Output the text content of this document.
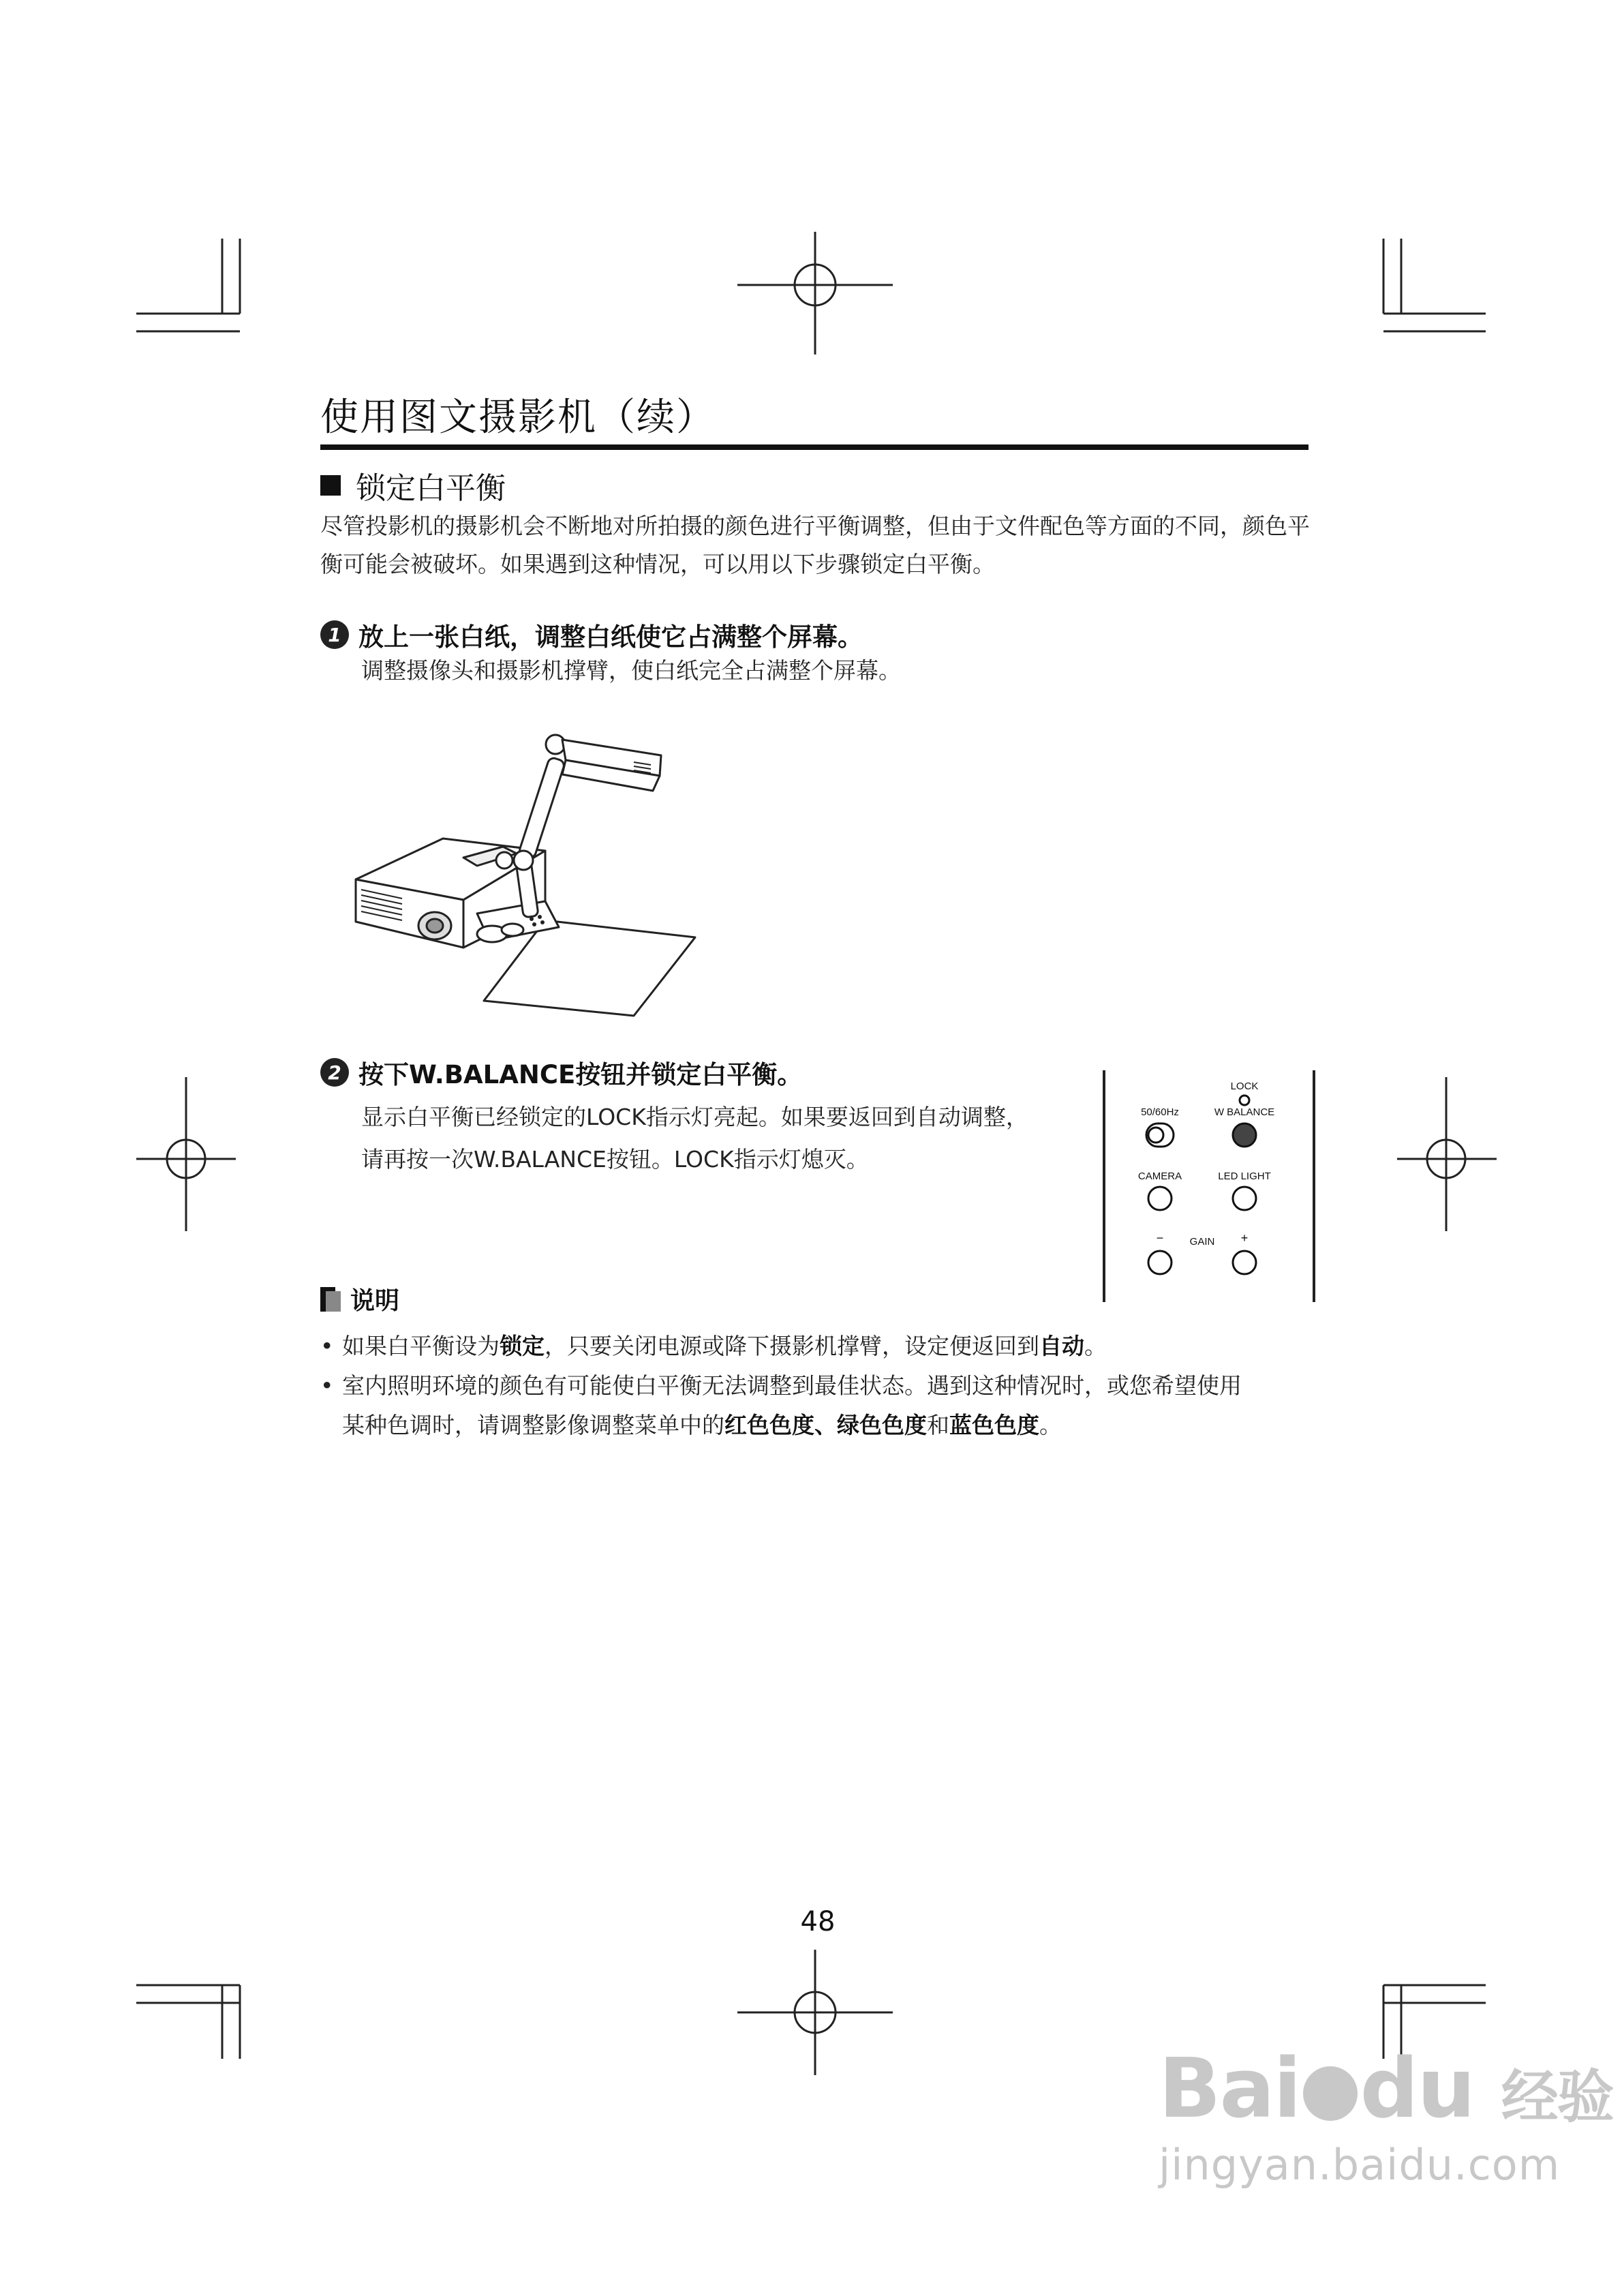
使用图文摄影机（续）
锁定白平衡
尽管投影机的摄影机会不断地对所拍摄的颜色进行平衡调整，但由于文件配色等方面的不同，颜色平衡可能会被破坏。如果遇到这种情况，可以用以下步骤锁定白平衡。
1 放上一张白纸，调整白纸使它占满整个屏幕。
调整摄像头和摄影机撑臂，使白纸完全占满整个屏幕。
2 按下W.BALANCE按钮并锁定白平衡。
显示白平衡已经锁定的LOCK指示灯亮起。如果要返回到自动调整，
请再按一次W.BALANCE按钮。LOCK指示灯熄灭。
LOCK
50/60Hz	W BALANCE
CAMERA	LED LIGHT
−	GAIN +
说明
• 如果白平衡设为锁定，只要关闭电源或降下摄影机撑臂，设定便返回到自动。
• 室内照明环境的颜色有可能使白平衡无法调整到最佳状态。遇到这种情况时，或您希望使用
某种色调时，请调整影像调整菜单中的红色色度、绿色色度和蓝色色度。
48
Bai du 经验
jingyan.baidu.com
